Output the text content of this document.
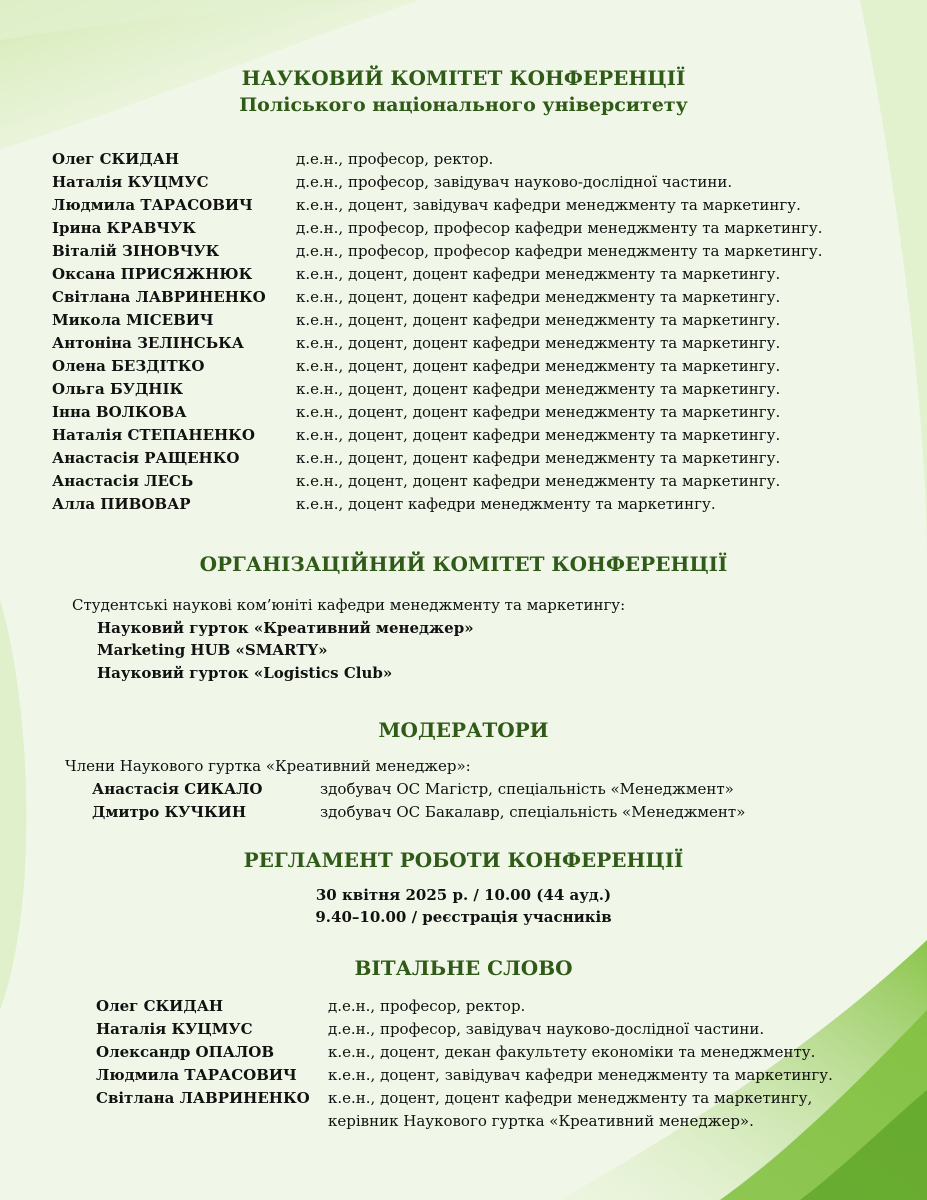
НАУКОВИЙ КОМІТЕТ КОНФЕРЕНЦІЇ
Поліського національного університету
Олег СКИДАН	д.е.н., професор, ректор.
Наталія КУЦМУС	д.е.н., професор, завідувач науково-дослідної частини.
Людмила ТАРАСОВИЧ	к.е.н., доцент, завідувач кафедри менеджменту та маркетингу.
Ірина КРАВЧУК	д.е.н., професор, професор кафедри менеджменту та маркетингу.
Віталій ЗІНОВЧУК	д.е.н., професор, професор кафедри менеджменту та маркетингу.
Оксана ПРИСЯЖНЮК	к.е.н., доцент, доцент кафедри менеджменту та маркетингу.
Світлана ЛАВРИНЕНКО к.е.н., доцент, доцент кафедри менеджменту та маркетингу.
Микола МІСЕВИЧ	к.е.н., доцент, доцент кафедри менеджменту та маркетингу.
Антоніна ЗЕЛІНСЬКА	к.е.н., доцент, доцент кафедри менеджменту та маркетингу.
Олена БЕЗДІТКО	к.е.н., доцент, доцент кафедри менеджменту та маркетингу.
Ольга БУДНІК	к.е.н., доцент, доцент кафедри менеджменту та маркетингу.
Інна ВОЛКОВА	к.е.н., доцент, доцент кафедри менеджменту та маркетингу.
Наталія СТЕПАНЕНКО	к.е.н., доцент, доцент кафедри менеджменту та маркетингу.
Анастасія РАЩЕНКО	к.е.н., доцент, доцент кафедри менеджменту та маркетингу.
Анастасія ЛЕСЬ	к.е.н., доцент, доцент кафедри менеджменту та маркетингу.
Алла ПИВОВАР	к.е.н., доцент кафедри менеджменту та маркетингу.
ОРГАНІЗАЦІЙНИЙ КОМІТЕТ КОНФЕРЕНЦІЇ
Студентські наукові ком’юніті кафедри менеджменту та маркетингу:
Науковий гурток «Креативний менеджер»
Marketing HUB «SMARTY»
Науковий гурток «Logistics Club»
МОДЕРАТОРИ
Члени Наукового гуртка «Креативний менеджер»:
Анастасія СИКАЛО	здобувач ОС Магістр, спеціальність «Менеджмент»
Дмитро КУЧКИН	здобувач ОС Бакалавр, спеціальність «Менеджмент»
РЕГЛАМЕНТ РОБОТИ КОНФЕРЕНЦІЇ
30 квітня 2025 р. / 10.00 (44 ауд.)
9.40–10.00 / реєстрація учасників
ВІТАЛЬНЕ СЛОВО
Олег СКИДАН	д.е.н., професор, ректор.
Наталія КУЦМУС	д.е.н., професор, завідувач науково-дослідної частини.
Олександр ОПАЛОВ	к.е.н., доцент, декан факультету економіки та менеджменту.
Людмила ТАРАСОВИЧ к.е.н., доцент, завідувач кафедри менеджменту та маркетингу.
Світлана ЛАВРИНЕНКО к.е.н., доцент, доцент кафедри менеджменту та маркетингу,
керівник Наукового гуртка «Креативний менеджер».
